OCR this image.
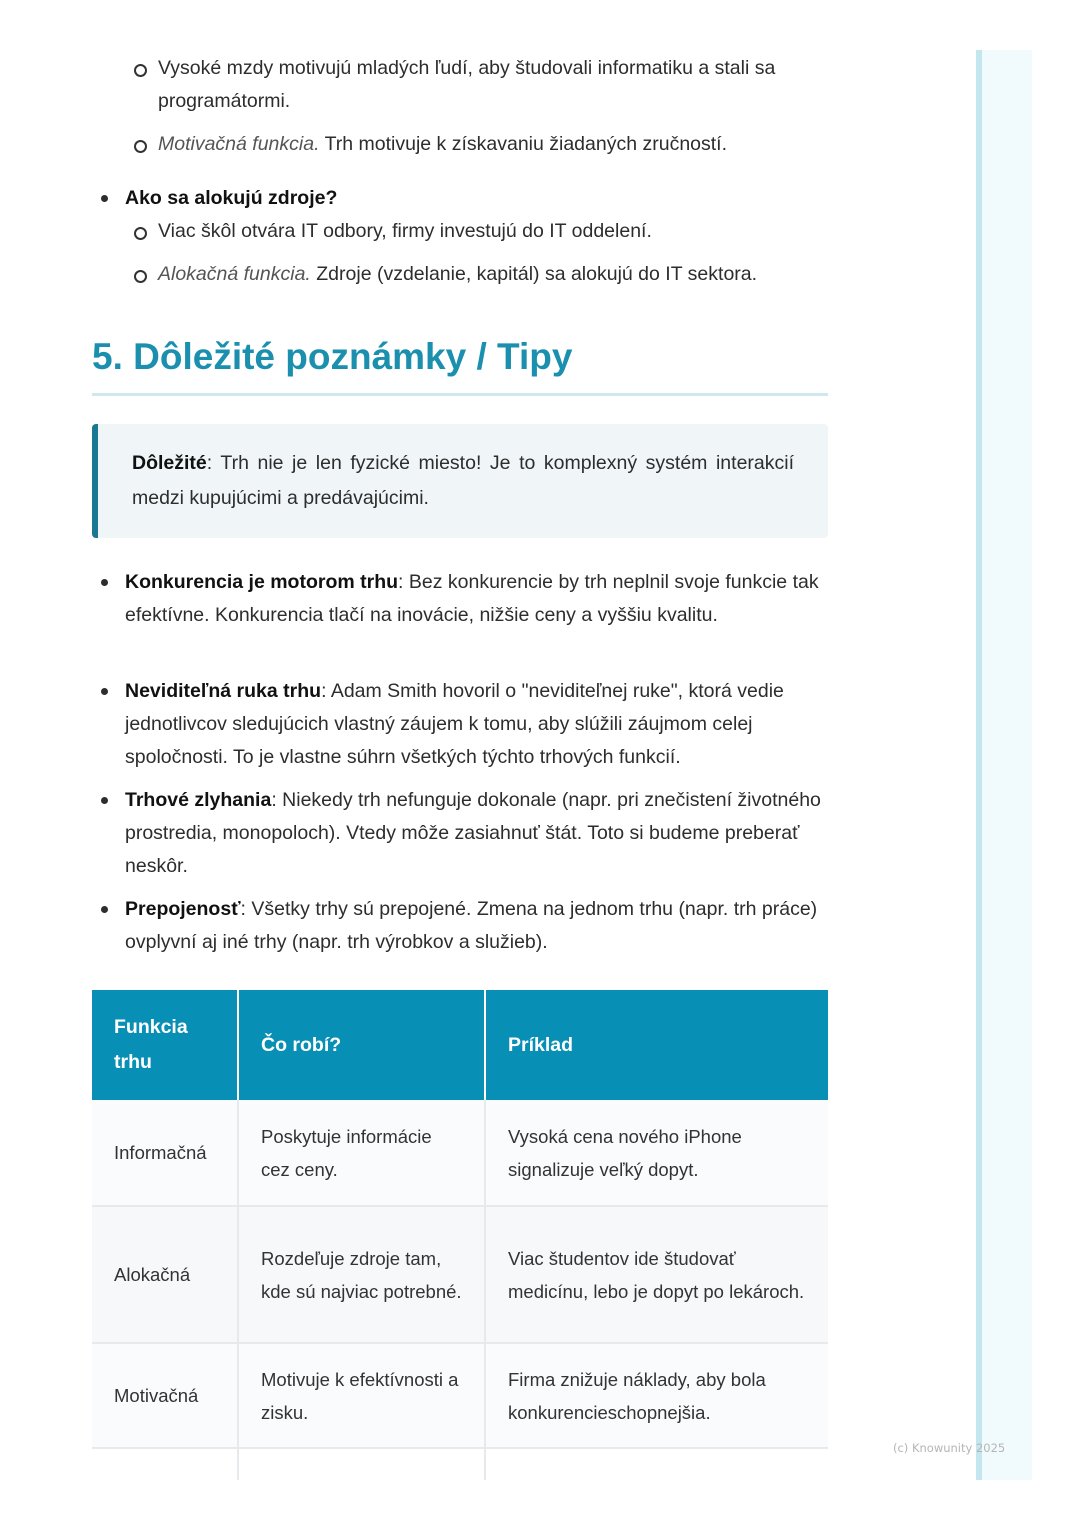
Vysoké mzdy motivujú mladých ľudí, aby študovali informatiku a stali sa programátormi.
Motivačná funkcia. Trh motivuje k získavaniu žiadaných zručností.
Ako sa alokujú zdroje?
Viac škôl otvára IT odbory, firmy investujú do IT oddelení.
Alokačná funkcia. Zdroje (vzdelanie, kapitál) sa alokujú do IT sektora.
5. Dôležité poznámky / Tipy
Dôležité: Trh nie je len fyzické miesto! Je to komplexný systém interakcií medzi kupujúcimi a predávajúcimi.
Konkurencia je motorom trhu: Bez konkurencie by trh neplnil svoje funkcie tak efektívne. Konkurencia tlačí na inovácie, nižšie ceny a vyššiu kvalitu.
Neviditeľná ruka trhu: Adam Smith hovoril o "neviditeľnej ruke", ktorá vedie jednotlivcov sledujúcich vlastný záujem k tomu, aby slúžili záujmom celej spoločnosti. To je vlastne súhrn všetkých týchto trhových funkcií.
Trhové zlyhania: Niekedy trh nefunguje dokonale (napr. pri znečistení životného prostredia, monopoloch). Vtedy môže zasiahnuť štát. Toto si budeme preberať neskôr.
Prepojenosť: Všetky trhy sú prepojené. Zmena na jednom trhu (napr. trh práce) ovplyvní aj iné trhy (napr. trh výrobkov a služieb).
Funkcia trhu	Čo robí?	Príklad
Informačná	Poskytuje informácie cez ceny.	Vysoká cena nového iPhone signalizuje veľký dopyt.
Alokačná	Rozdeľuje zdroje tam, kde sú najviac potrebné.	Viac študentov ide študovať medicínu, lebo je dopyt po lekároch.
Motivačná	Motivuje k efektívnosti a zisku.	Firma znižuje náklady, aby bola konkurencieschopnejšia.

(c) Knowunity 2025
